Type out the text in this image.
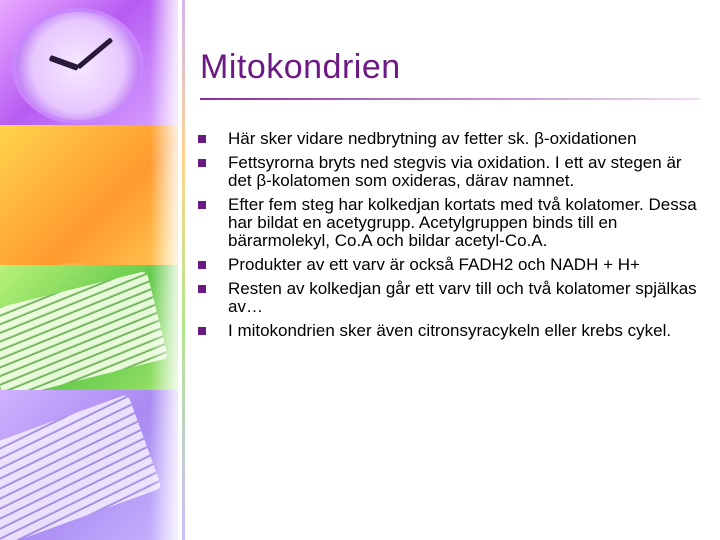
Mitokondrien
Här sker vidare nedbrytning av fetter sk. β-oxidationen
Fettsyrorna bryts ned stegvis via oxidation. I ett av stegen är det β-kolatomen som oxideras, därav namnet.
Efter fem steg har kolkedjan kortats med två kolatomer. Dessa har bildat en acetygrupp. Acetylgruppen binds till en bärarmolekyl, Co.A och bildar acetyl-Co.A.
Produkter av ett varv är också FADH2 och NADH + H+
Resten av kolkedjan går ett varv till och två kolatomer spjälkas av…
I mitokondrien sker även citronsyracykeln eller krebs cykel.
